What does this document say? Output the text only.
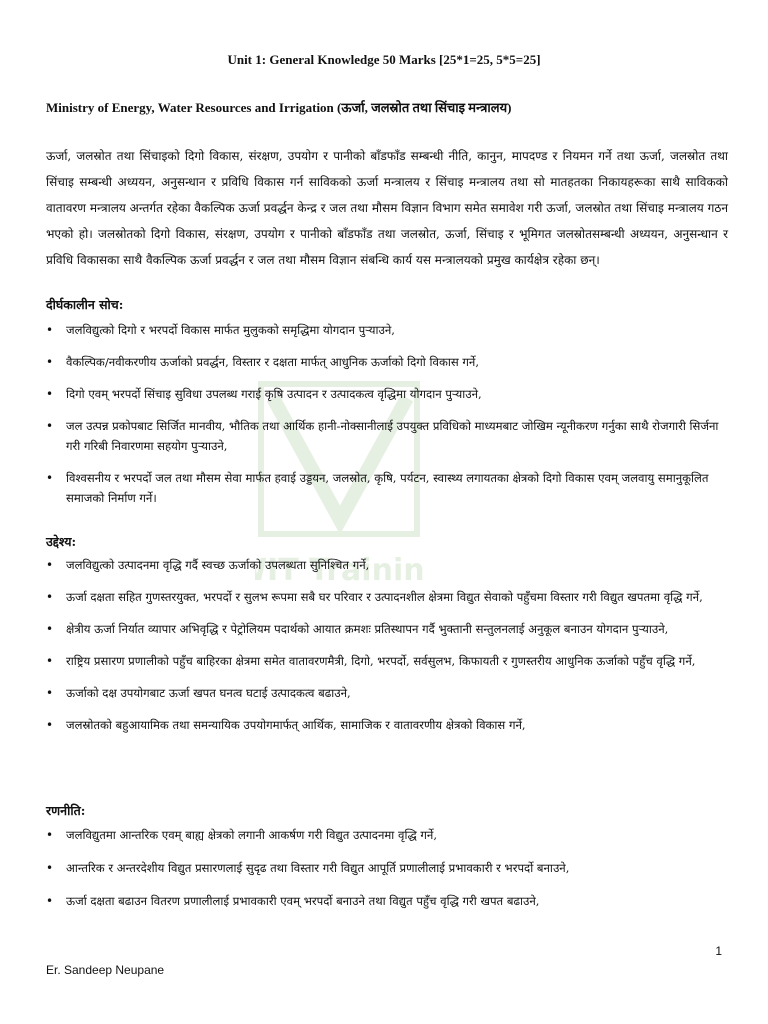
IT Trainin
Unit 1: General Knowledge 50 Marks [25*1=25, 5*5=25]
Ministry of Energy, Water Resources and Irrigation (ऊर्जा, जलस्रोत तथा सिंचाइ मन्त्रालय)
ऊर्जा, जलस्रोत तथा सिंचाइको दिगो विकास, संरक्षण, उपयोग र पानीको बाँडफाँड सम्बन्धी नीति, कानुन, मापदण्ड र नियमन गर्ने तथा ऊर्जा, जलस्रोत तथा सिंचाइ सम्बन्धी अध्ययन, अनुसन्धान र प्रविधि विकास गर्न साविकको ऊर्जा मन्त्रालय र सिंचाइ मन्त्रालय तथा सो मातहतका निकायहरूका साथै साविकको वातावरण मन्त्रालय अन्तर्गत रहेका वैकल्पिक ऊर्जा प्रवर्द्धन केन्द्र र जल तथा मौसम विज्ञान विभाग समेत समावेश गरी ऊर्जा, जलस्रोत तथा सिंचाइ मन्त्रालय गठन भएको हो। जलस्रोतको दिगो विकास, संरक्षण, उपयोग र पानीको बाँडफाँड तथा जलस्रोत, ऊर्जा, सिंचाइ र भूमिगत जलस्रोतसम्बन्धी अध्ययन, अनुसन्धान र प्रविधि विकासका साथै वैकल्पिक ऊर्जा प्रवर्द्धन र जल तथा मौसम विज्ञान संबन्धि कार्य यस मन्त्रालयको प्रमुख कार्यक्षेत्र रहेका छन्।
दीर्घकालीन सोच:
• जलविद्युत्को दिगो र भरपर्दो विकास मार्फत मुलुकको समृद्धिमा योगदान पुर्‍याउने,
• वैकल्पिक/नवीकरणीय ऊर्जाको प्रवर्द्धन, विस्तार र दक्षता मार्फत् आधुनिक ऊर्जाको दिगो विकास गर्ने,
• दिगो एवम् भरपर्दो सिंचाइ सुविधा उपलब्ध गराई कृषि उत्पादन र उत्पादकत्व वृद्धिमा योगदान पुर्‍याउने,
• जल उत्पन्न प्रकोपबाट सिर्जित मानवीय, भौतिक तथा आर्थिक हानी-नोक्सानीलाई उपयुक्त प्रविधिको माध्यमबाट जोखिम न्यूनीकरण गर्नुका साथै रोजगारी सिर्जना गरी गरिबी निवारणमा सहयोग पुर्‍याउने,
• विश्वसनीय र भरपर्दो जल तथा मौसम सेवा मार्फत हवाई उड्डयन, जलस्रोत, कृषि, पर्यटन, स्वास्थ्य लगायतका क्षेत्रको दिगो विकास एवम् जलवायु समानुकूलित समाजको निर्माण गर्ने।
उद्देश्य:
• जलविद्युत्को उत्पादनमा वृद्धि गर्दै स्वच्छ ऊर्जाको उपलब्धता सुनिश्चित गर्ने,
• ऊर्जा दक्षता सहित गुणस्तरयुक्त, भरपर्दो र सुलभ रूपमा सबै घर परिवार र उत्पादनशील क्षेत्रमा विद्युत सेवाको पहुँचमा विस्तार गरी विद्युत खपतमा वृद्धि गर्ने,
• क्षेत्रीय ऊर्जा निर्यात व्यापार अभिवृद्धि र पेट्रोलियम पदार्थको आयात क्रमशः प्रतिस्थापन गर्दै भुक्तानी सन्तुलनलाई अनुकूल बनाउन योगदान पुर्‍याउने,
• राष्ट्रिय प्रसारण प्रणालीको पहुँच बाहिरका क्षेत्रमा समेत वातावरणमैत्री, दिगो, भरपर्दो, सर्वसुलभ, किफायती र गुणस्तरीय आधुनिक ऊर्जाको पहुँच वृद्धि गर्ने,
• ऊर्जाको दक्ष उपयोगबाट ऊर्जा खपत घनत्व घटाई उत्पादकत्व बढाउने,
• जलस्रोतको बहुआयामिक तथा समन्यायिक उपयोगमार्फत् आर्थिक, सामाजिक र वातावरणीय क्षेत्रको विकास गर्ने,
रणनीति:
• जलविद्युतमा आन्तरिक एवम् बाह्य क्षेत्रको लगानी आकर्षण गरी विद्युत उत्पादनमा वृद्धि गर्ने,
• आन्तरिक र अन्तरदेशीय विद्युत प्रसारणलाई सुदृढ तथा विस्तार गरी विद्युत आपूर्ति प्रणालीलाई प्रभावकारी र भरपर्दो बनाउने,
• ऊर्जा दक्षता बढाउन वितरण प्रणालीलाई प्रभावकारी एवम् भरपर्दो बनाउने तथा विद्युत पहुँच वृद्धि गरी खपत बढाउने,
1
Er. Sandeep Neupane
